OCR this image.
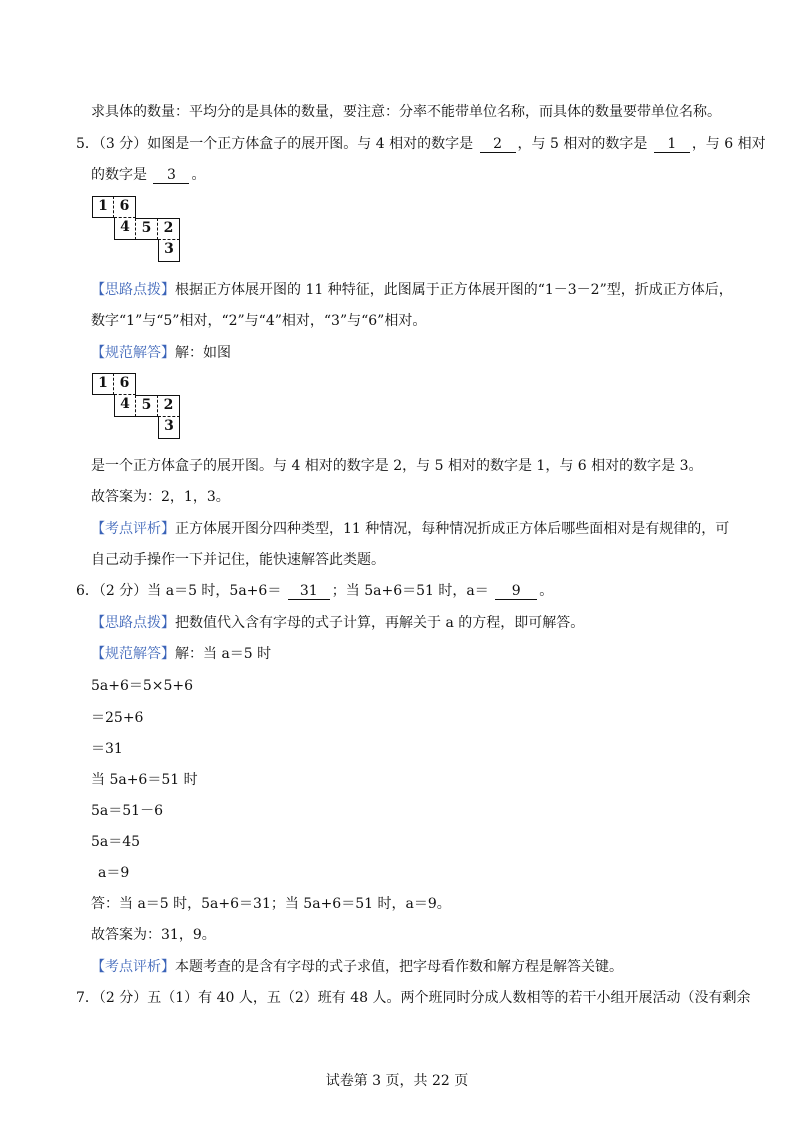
求具体的数量：平均分的是具体的数量，要注意：分率不能带单位名称，而具体的数量要带单位名称。
5．（3 分）如图是一个正方体盒子的展开图。与 4 相对的数字是 2 ，与 5 相对的数字是 1 ，与 6 相对
的数字是 3 。
1 6
4 5 2
3
【思路点拨】根据正方体展开图的 11 种特征，此图属于正方体展开图的“1－3－2”型，折成正方体后，
数字“1”与“5”相对，“2”与“4”相对，“3”与“6”相对。
【规范解答】解：如图
1 6
4 5 2
3
是一个正方体盒子的展开图。与 4 相对的数字是 2，与 5 相对的数字是 1，与 6 相对的数字是 3。
故答案为：2，1，3。
【考点评析】正方体展开图分四种类型，11 种情况，每种情况折成正方体后哪些面相对是有规律的，可
自己动手操作一下并记住，能快速解答此类题。
6．（2 分）当 a＝5 时，5a+6＝ 31 ；当 5a+6＝51 时，a＝ 9 。
【思路点拨】把数值代入含有字母的式子计算，再解关于 a 的方程，即可解答。
【规范解答】解：当 a＝5 时
5a+6＝5×5+6
＝25+6
＝31
当 5a+6＝51 时
5a＝51－6
5a＝45
a＝9
答：当 a＝5 时，5a+6＝31；当 5a+6＝51 时，a＝9。
故答案为：31，9。
【考点评析】本题考查的是含有字母的式子求值，把字母看作数和解方程是解答关键。
7．（2 分）五（1）有 40 人，五（2）班有 48 人。两个班同时分成人数相等的若干小组开展活动（没有剩余
试卷第 3 页，共 22 页
